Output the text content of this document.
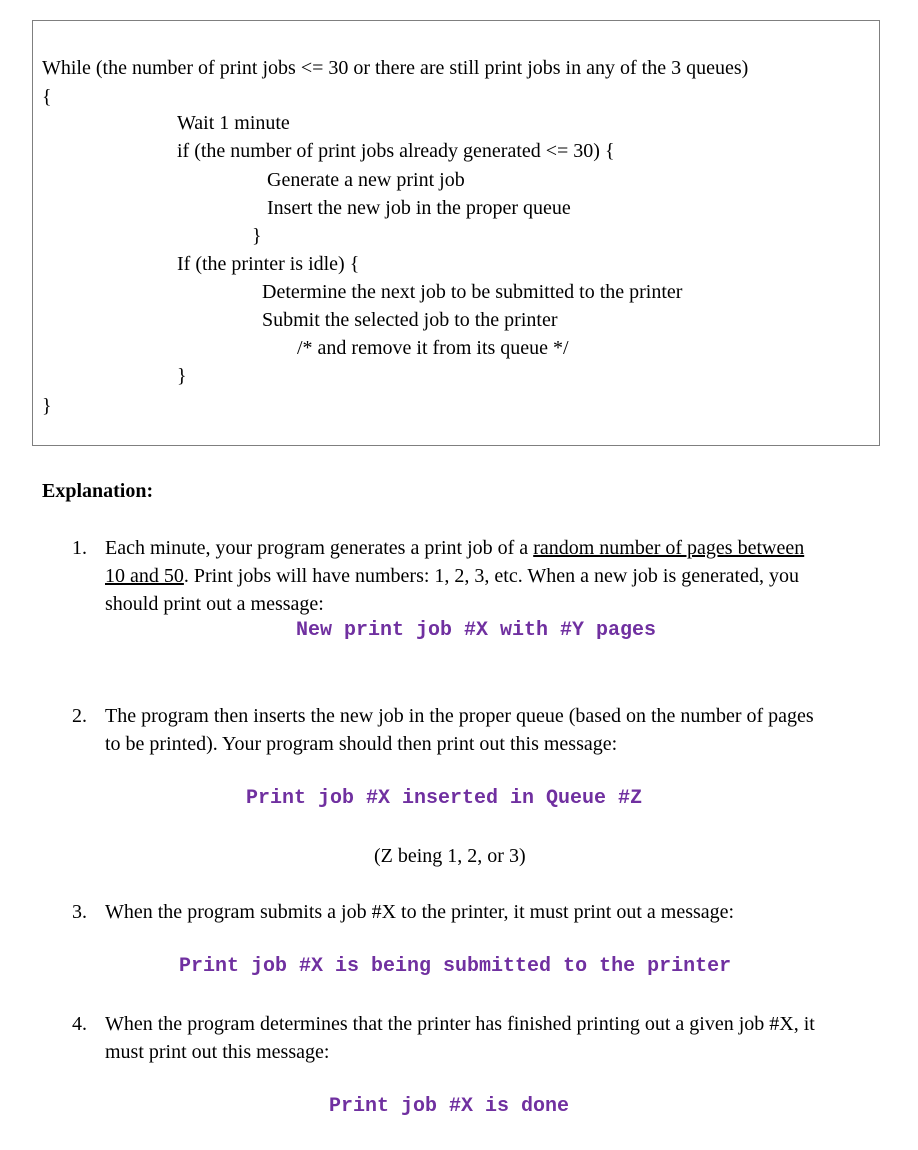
While (the number of print jobs <= 30 or there are still print jobs in any of the 3 queues)
{
Wait 1 minute
if (the number of print jobs already generated <= 30) {
Generate a new print job
Insert the new job in the proper queue
}
If (the printer is idle) {
Determine the next job to be submitted to the printer
Submit the selected job to the printer
/* and remove it from its queue */
}
}
Explanation:
1. Each minute, your program generates a print job of a random number of pages between
10 and 50. Print jobs will have numbers: 1, 2, 3, etc. When a new job is generated, you
should print out a message:
New print job #X with #Y pages
2. The program then inserts the new job in the proper queue (based on the number of pages
to be printed). Your program should then print out this message:
Print job #X inserted in Queue #Z
(Z being 1, 2, or 3)
3. When the program submits a job #X to the printer, it must print out a message:
Print job #X is being submitted to the printer
4. When the program determines that the printer has finished printing out a given job #X, it
must print out this message:
Print job #X is done
